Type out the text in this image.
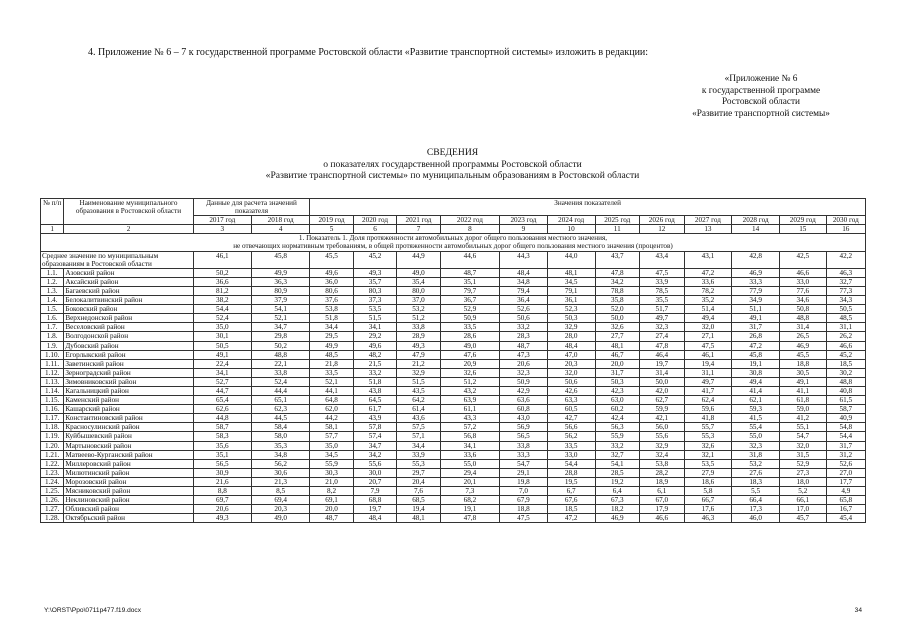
4. Приложение № 6 – 7 к государственной программе Ростовской области «Развитие транспортной системы» изложить в редакции:
«Приложение № 6
к государственной программе
Ростовской области
«Развитие транспортной системы»
СВЕДЕНИЯ
о показателях государственной программы Ростовской области
«Развитие транспортной системы» по муниципальным образованиям в Ростовской области
№ п/п	Наименование муниципального образования в Ростовской области	Данные для расчета значений показателя		Значения показателей											
		2017 год	2018 год	2019 год	2020 год	2021 год	2022 год	2023 год	2024 год	2025 год	2026 год	2027 год	2028 год	2029 год	2030 год
1	2	3	4	5	6	7	8	9	10	11	12	13	14	15	16

1. Показатель 1. Доля протяженности автомобильных дорог общего пользования местного значения,
не отвечающих нормативным требованиям, в общей протяженности автомобильных дорог общего пользования местного значения (процентов)															

Среднее значение по муниципальным образованиям в Ростовской области		46,1	45,8	45,5	45,2	44,9	44,6	44,3	44,0	43,7	43,4	43,1	42,8	42,5	42,2
1.1.	Азовский район	50,2	49,9	49,6	49,3	49,0	48,7	48,4	48,1	47,8	47,5	47,2	46,9	46,6	46,3
1.2.	Аксайский район	36,6	36,3	36,0	35,7	35,4	35,1	34,8	34,5	34,2	33,9	33,6	33,3	33,0	32,7
1.3.	Багаевский район	81,2	80,9	80,6	80,3	80,0	79,7	79,4	79,1	78,8	78,5	78,2	77,9	77,6	77,3
1.4.	Белокалитвинский район	38,2	37,9	37,6	37,3	37,0	36,7	36,4	36,1	35,8	35,5	35,2	34,9	34,6	34,3
1.5.	Боковский район	54,4	54,1	53,8	53,5	53,2	52,9	52,6	52,3	52,0	51,7	51,4	51,1	50,8	50,5
1.6.	Верхнедонской район	52,4	52,1	51,8	51,5	51,2	50,9	50,6	50,3	50,0	49,7	49,4	49,1	48,8	48,5
1.7.	Веселовский район	35,0	34,7	34,4	34,1	33,8	33,5	33,2	32,9	32,6	32,3	32,0	31,7	31,4	31,1
1.8.	Волгодонской район	30,1	29,8	29,5	29,2	28,9	28,6	28,3	28,0	27,7	27,4	27,1	26,8	26,5	26,2
1.9.	Дубовский район	50,5	50,2	49,9	49,6	49,3	49,0	48,7	48,4	48,1	47,8	47,5	47,2	46,9	46,6
1.10.	Егорлыкский район	49,1	48,8	48,5	48,2	47,9	47,6	47,3	47,0	46,7	46,4	46,1	45,8	45,5	45,2
1.11.	Заветинский район	22,4	22,1	21,8	21,5	21,2	20,9	20,6	20,3	20,0	19,7	19,4	19,1	18,8	18,5
1.12.	Зерноградский район	34,1	33,8	33,5	33,2	32,9	32,6	32,3	32,0	31,7	31,4	31,1	30,8	30,5	30,2
1.13.	Зимовниковский район	52,7	52,4	52,1	51,8	51,5	51,2	50,9	50,6	50,3	50,0	49,7	49,4	49,1	48,8
1.14.	Кагальницкий район	44,7	44,4	44,1	43,8	43,5	43,2	42,9	42,6	42,3	42,0	41,7	41,4	41,1	40,8
1.15.	Каменский район	65,4	65,1	64,8	64,5	64,2	63,9	63,6	63,3	63,0	62,7	62,4	62,1	61,8	61,5
1.16.	Кашарский район	62,6	62,3	62,0	61,7	61,4	61,1	60,8	60,5	60,2	59,9	59,6	59,3	59,0	58,7
1.17.	Константиновский район	44,8	44,5	44,2	43,9	43,6	43,3	43,0	42,7	42,4	42,1	41,8	41,5	41,2	40,9
1.18.	Красносулинский район	58,7	58,4	58,1	57,8	57,5	57,2	56,9	56,6	56,3	56,0	55,7	55,4	55,1	54,8
1.19.	Куйбышевский район	58,3	58,0	57,7	57,4	57,1	56,8	56,5	56,2	55,9	55,6	55,3	55,0	54,7	54,4
1.20.	Мартыновский район	35,6	35,3	35,0	34,7	34,4	34,1	33,8	33,5	33,2	32,9	32,6	32,3	32,0	31,7
1.21.	Матвеево-Курганский район	35,1	34,8	34,5	34,2	33,9	33,6	33,3	33,0	32,7	32,4	32,1	31,8	31,5	31,2
1.22.	Миллеровский район	56,5	56,2	55,9	55,6	55,3	55,0	54,7	54,4	54,1	53,8	53,5	53,2	52,9	52,6
1.23.	Милютинский район	30,9	30,6	30,3	30,0	29,7	29,4	29,1	28,8	28,5	28,2	27,9	27,6	27,3	27,0
1.24.	Морозовский район	21,6	21,3	21,0	20,7	20,4	20,1	19,8	19,5	19,2	18,9	18,6	18,3	18,0	17,7
1.25.	Мясниковский район	8,8	8,5	8,2	7,9	7,6	7,3	7,0	6,7	6,4	6,1	5,8	5,5	5,2	4,9
1.26.	Неклиновский район	69,7	69,4	69,1	68,8	68,5	68,2	67,9	67,6	67,3	67,0	66,7	66,4	66,1	65,8
1.27.	Обливский район	20,6	20,3	20,0	19,7	19,4	19,1	18,8	18,5	18,2	17,9	17,6	17,3	17,0	16,7
1.28.	Октябрьский район	49,3	49,0	48,7	48,4	48,1	47,8	47,5	47,2	46,9	46,6	46,3	46,0	45,7	45,4
Y:\ORST\Ppo\0711p477.f19.docx	34
